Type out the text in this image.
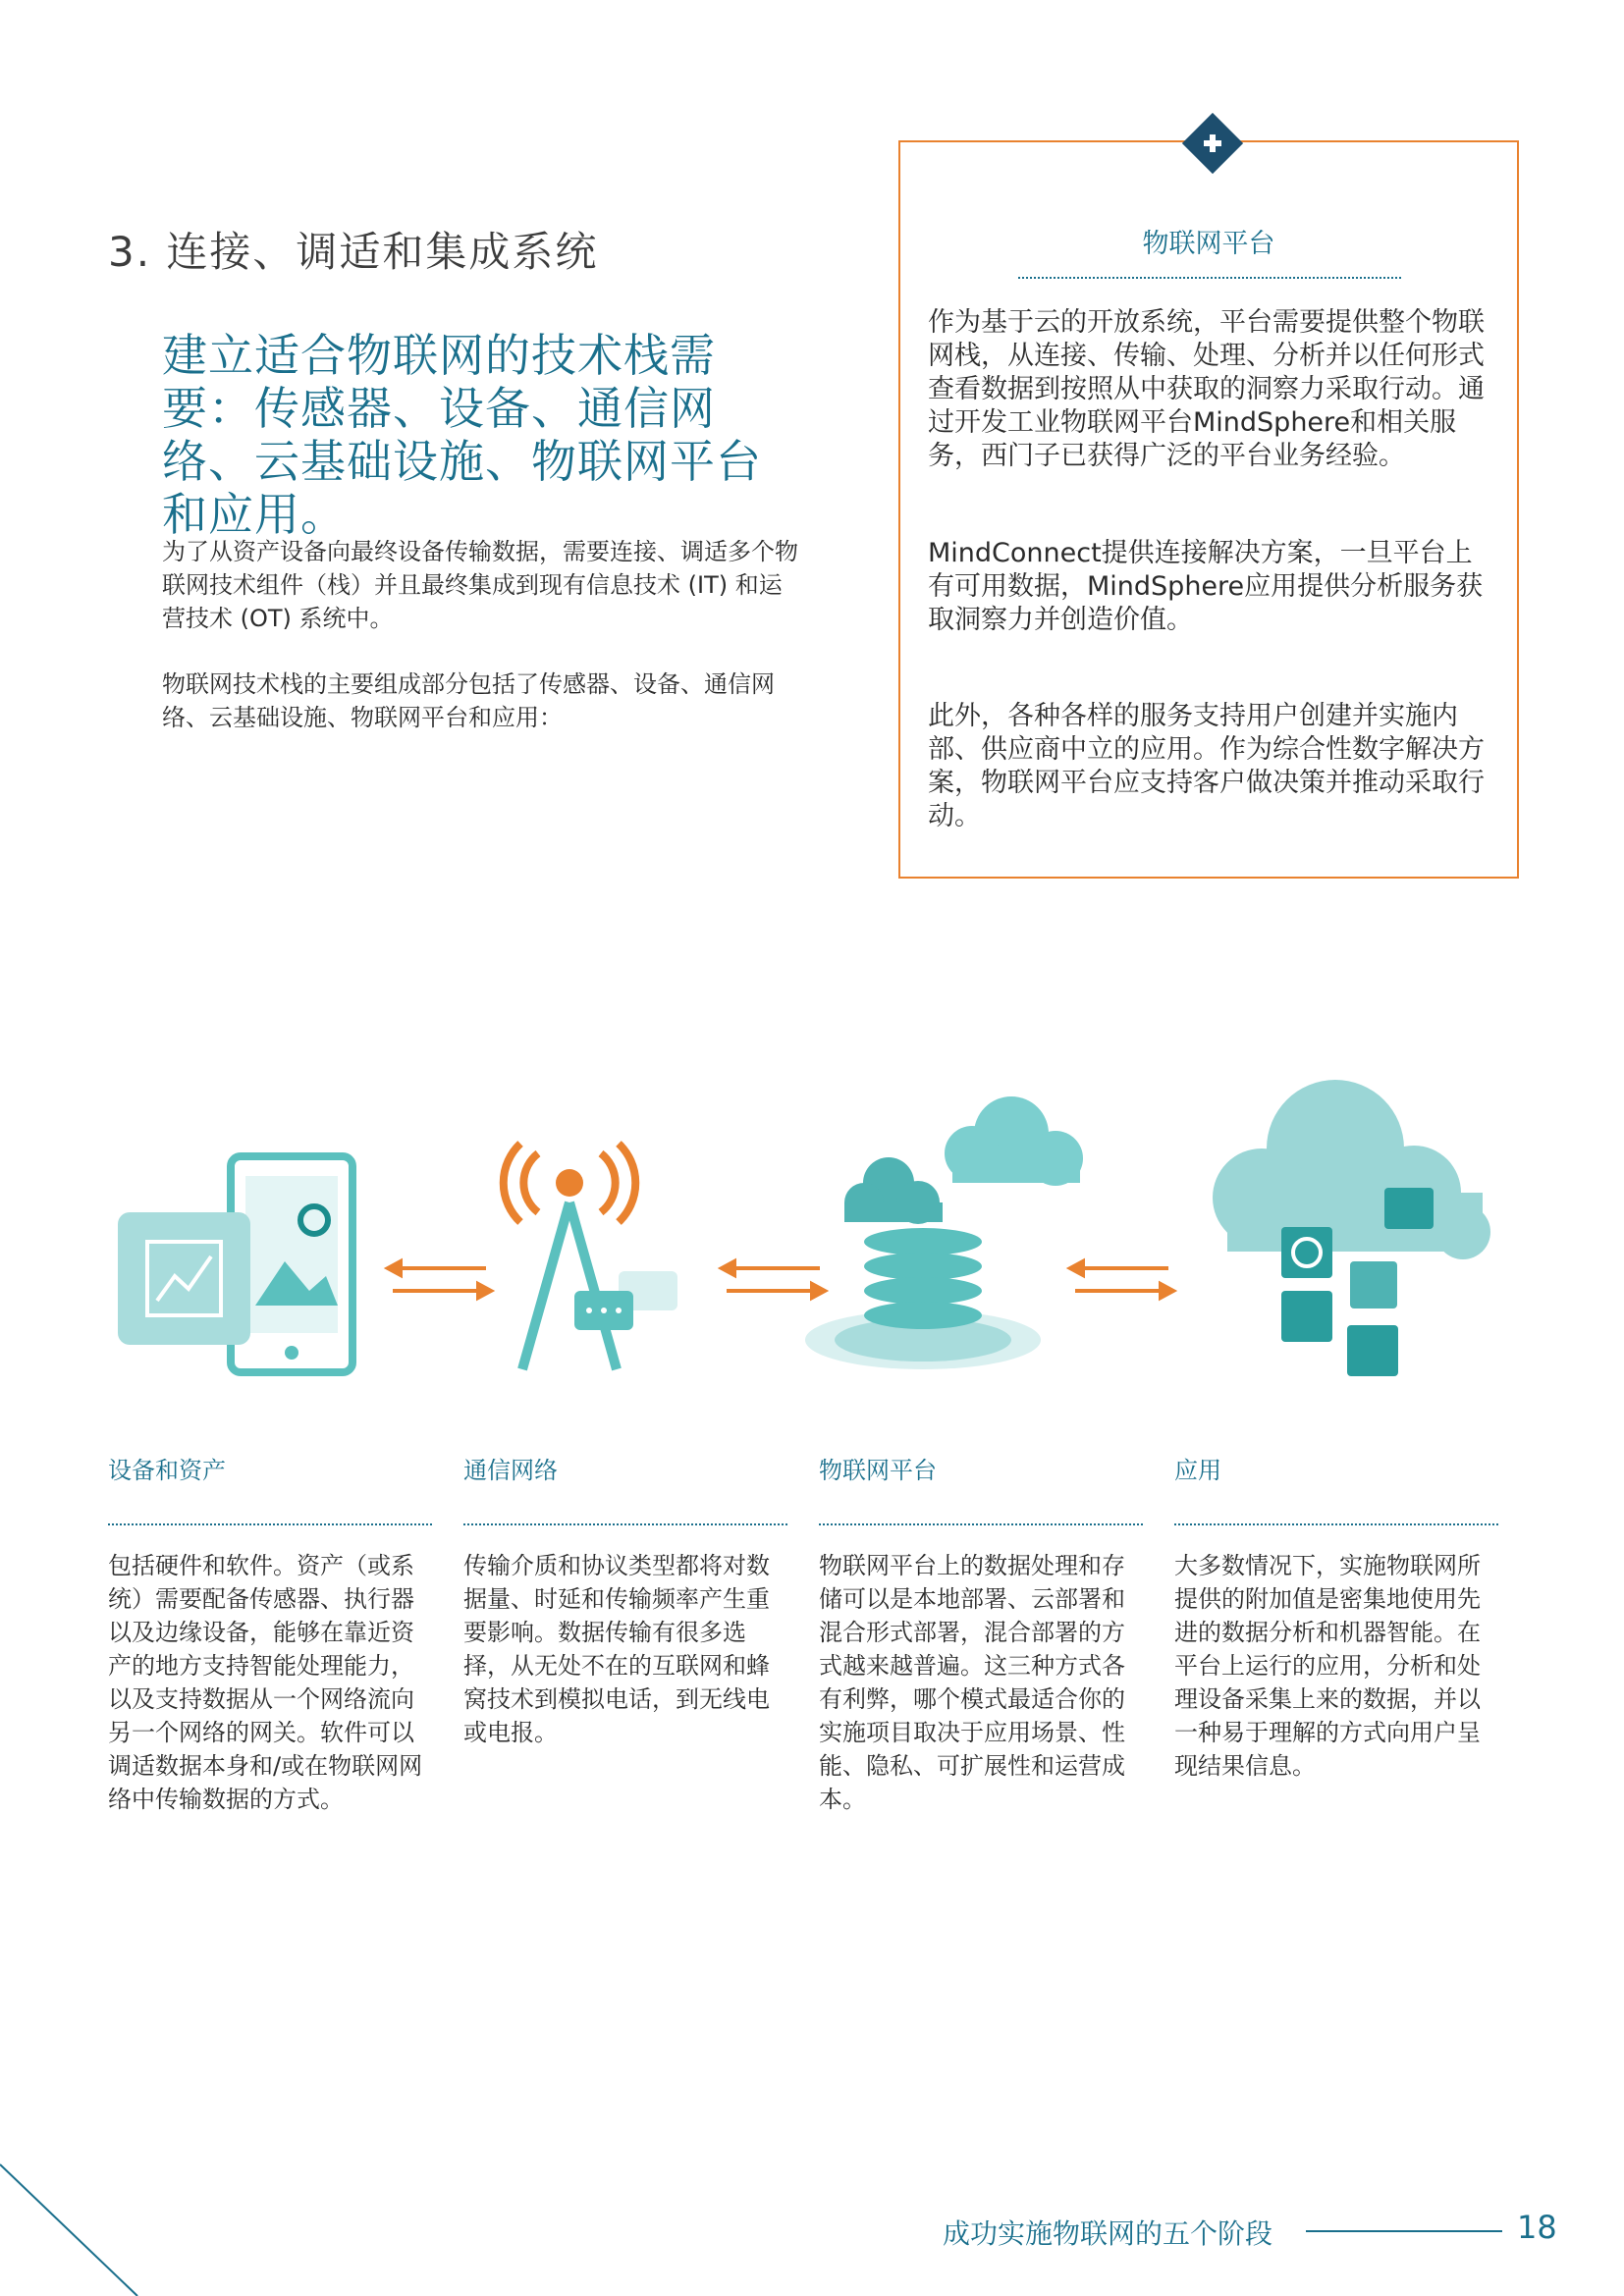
3. 连接、调适和集成系统
建立适合物联网的技术栈需要：传感器、设备、通信网络、云基础设施、物联网平台和应用。
为了从资产设备向最终设备传输数据，需要连接、调适多个物联网技术组件（栈）并且最终集成到现有信息技术 (IT) 和运营技术 (OT) 系统中。
物联网技术栈的主要组成部分包括了传感器、设备、通信网络、云基础设施、物联网平台和应用：
物联网平台
作为基于云的开放系统，平台需要提供整个物联网栈，从连接、传输、处理、分析并以任何形式查看数据到按照从中获取的洞察力采取行动。通过开发工业物联网平台MindSphere和相关服务，西门子已获得广泛的平台业务经验。
MindConnect提供连接解决方案，一旦平台上有可用数据，MindSphere应用提供分析服务获取洞察力并创造价值。
此外，各种各样的服务支持用户创建并实施内部、供应商中立的应用。作为综合性数字解决方案，物联网平台应支持客户做决策并推动采取行动。
设备和资产
包括硬件和软件。资产（或系统）需要配备传感器、执行器以及边缘设备，能够在靠近资产的地方支持智能处理能力，以及支持数据从一个网络流向另一个网络的网关。软件可以调适数据本身和/或在物联网网络中传输数据的方式。
通信网络
传输介质和协议类型都将对数据量、时延和传输频率产生重要影响。数据传输有很多选择，从无处不在的互联网和蜂窝技术到模拟电话，到无线电或电报。
物联网平台
物联网平台上的数据处理和存储可以是本地部署、云部署和混合形式部署，混合部署的方式越来越普遍。这三种方式各有利弊，哪个模式最适合你的实施项目取决于应用场景、性能、隐私、可扩展性和运营成本。
应用
大多数情况下，实施物联网所提供的附加值是密集地使用先进的数据分析和机器智能。在平台上运行的应用，分析和处理设备采集上来的数据，并以一种易于理解的方式向用户呈现结果信息。
成功实施物联网的五个阶段	18
